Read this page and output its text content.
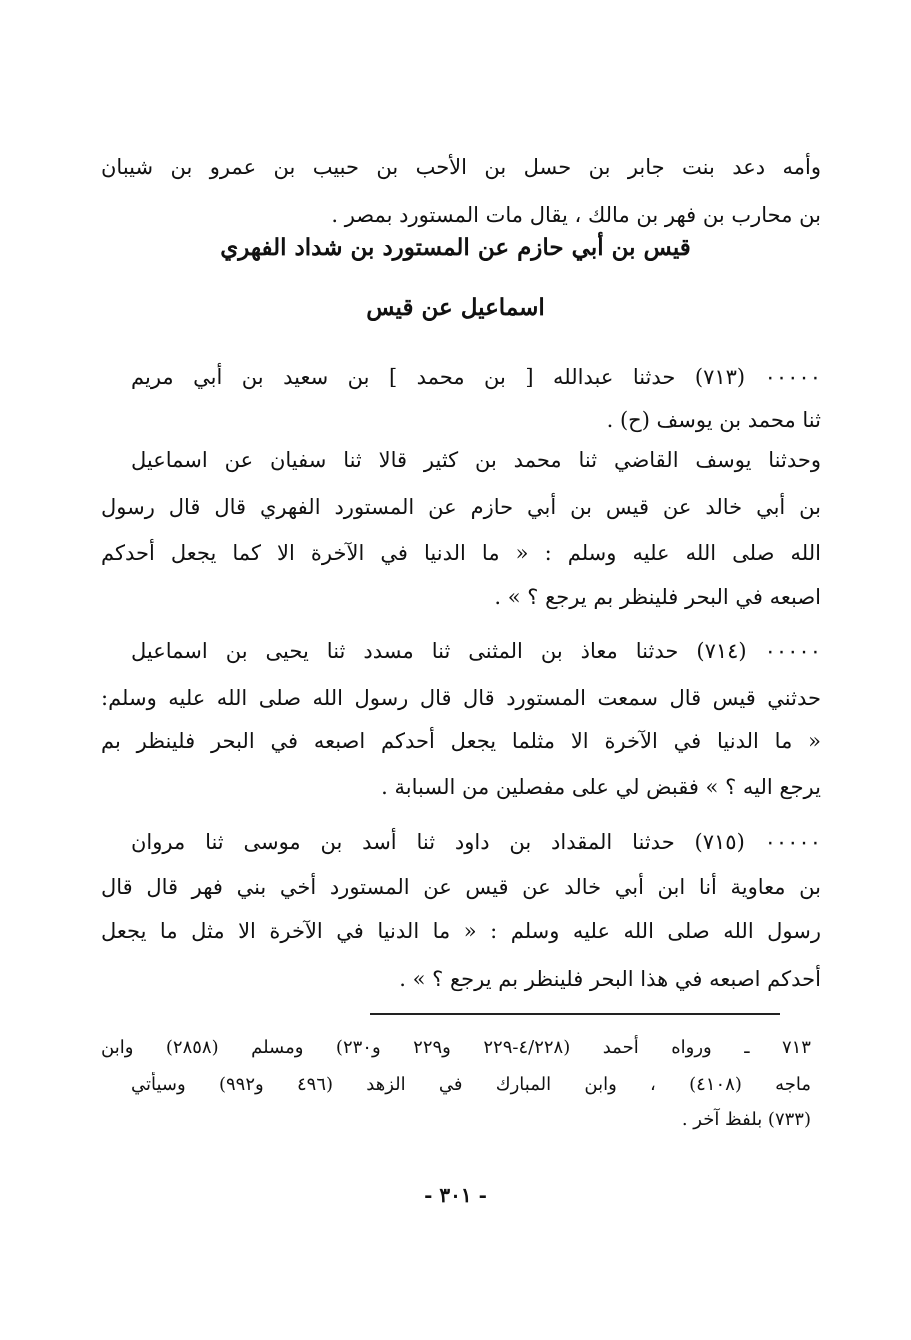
وأمه دعد بنت جابر بن حسل بن الأحب بن حبيب بن عمرو بن شيبان
بن محارب بن فهر بن مالك ، يقال مات المستورد بمصر .
قيس بن أبي حازم عن المستورد بن شداد الفهري
اسماعيل عن قيس
٠٠٠٠٠ (٧١٣) حدثنا عبدالله [ بن محمد ] بن سعيد بن أبي مريم
ثنا محمد بن يوسف (ح) .
وحدثنا يوسف القاضي ثنا محمد بن كثير قالا ثنا سفيان عن اسماعيل
بن أبي خالد عن قيس بن أبي حازم عن المستورد الفهري قال قال رسول
الله صلى الله عليه وسلم : « ما الدنيا في الآخرة الا كما يجعل أحدكم
اصبعه في البحر فلينظر بم يرجع ؟ » .
٠٠٠٠٠ (٧١٤) حدثنا معاذ بن المثنى ثنا مسدد ثنا يحيى بن اسماعيل
حدثني قيس قال سمعت المستورد قال قال رسول الله صلى الله عليه وسلم:
« ما الدنيا في الآخرة الا مثلما يجعل أحدكم اصبعه في البحر فلينظر بم
يرجع اليه ؟ » فقبض لي على مفصلين من السبابة .
٠٠٠٠٠ (٧١٥) حدثنا المقداد بن داود ثنا أسد بن موسى ثنا مروان
بن معاوية أنا ابن أبي خالد عن قيس عن المستورد أخي بني فهر قال قال
رسول الله صلى الله عليه وسلم : « ما الدنيا في الآخرة الا مثل ما يجعل
أحدكم اصبعه في هذا البحر فلينظر بم يرجع ؟ » .
٧١٣ ـ ورواه أحمد (٤/٢٢٨-٢٢٩ و٢٢٩ و٢٣٠) ومسلم (٢٨٥٨) وابن
ماجه (٤١٠٨) ، وابن المبارك في الزهد (٤٩٦ و٩٩٢) وسيأتي
(٧٣٣) بلفظ آخر .
- ٣٠١ -
